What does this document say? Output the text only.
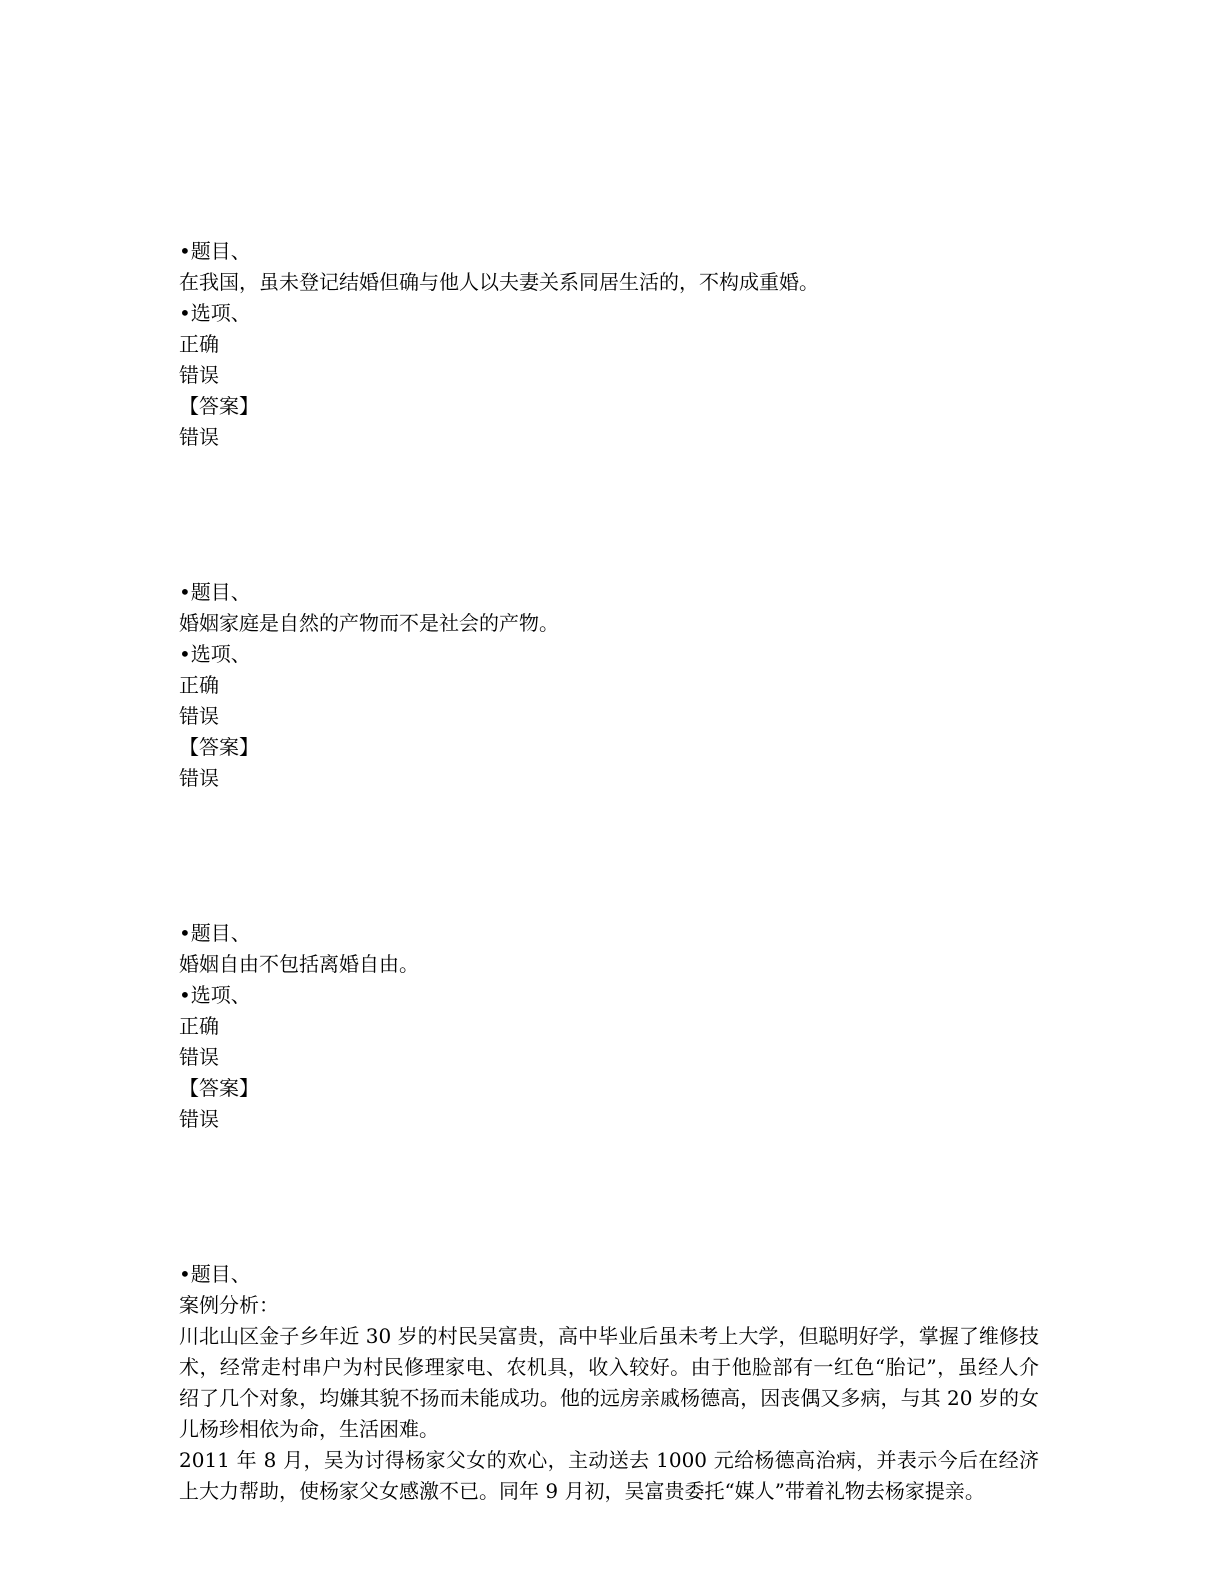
•题目、
在我国，虽未登记结婚但确与他人以夫妻关系同居生活的，不构成重婚。
•选项、
正确
错误
【答案】
错误
•题目、
婚姻家庭是自然的产物而不是社会的产物。
•选项、
正确
错误
【答案】
错误
•题目、
婚姻自由不包括离婚自由。
•选项、
正确
错误
【答案】
错误
•题目、
案例分析：
川北山区金子乡年近 30 岁的村民吴富贵，高中毕业后虽未考上大学，但聪明好学，掌握了维修技术，经常走村串户为村民修理家电、农机具，收入较好。由于他脸部有一红色“胎记”，虽经人介绍了几个对象，均嫌其貌不扬而未能成功。他的远房亲戚杨德高，因丧偶又多病，与其 20 岁的女儿杨珍相依为命，生活困难。
2011 年 8 月，吴为讨得杨家父女的欢心，主动送去 1000 元给杨德高治病，并表示今后在经济上大力帮助，使杨家父女感激不已。同年 9 月初，吴富贵委托“媒人”带着礼物去杨家提亲。
